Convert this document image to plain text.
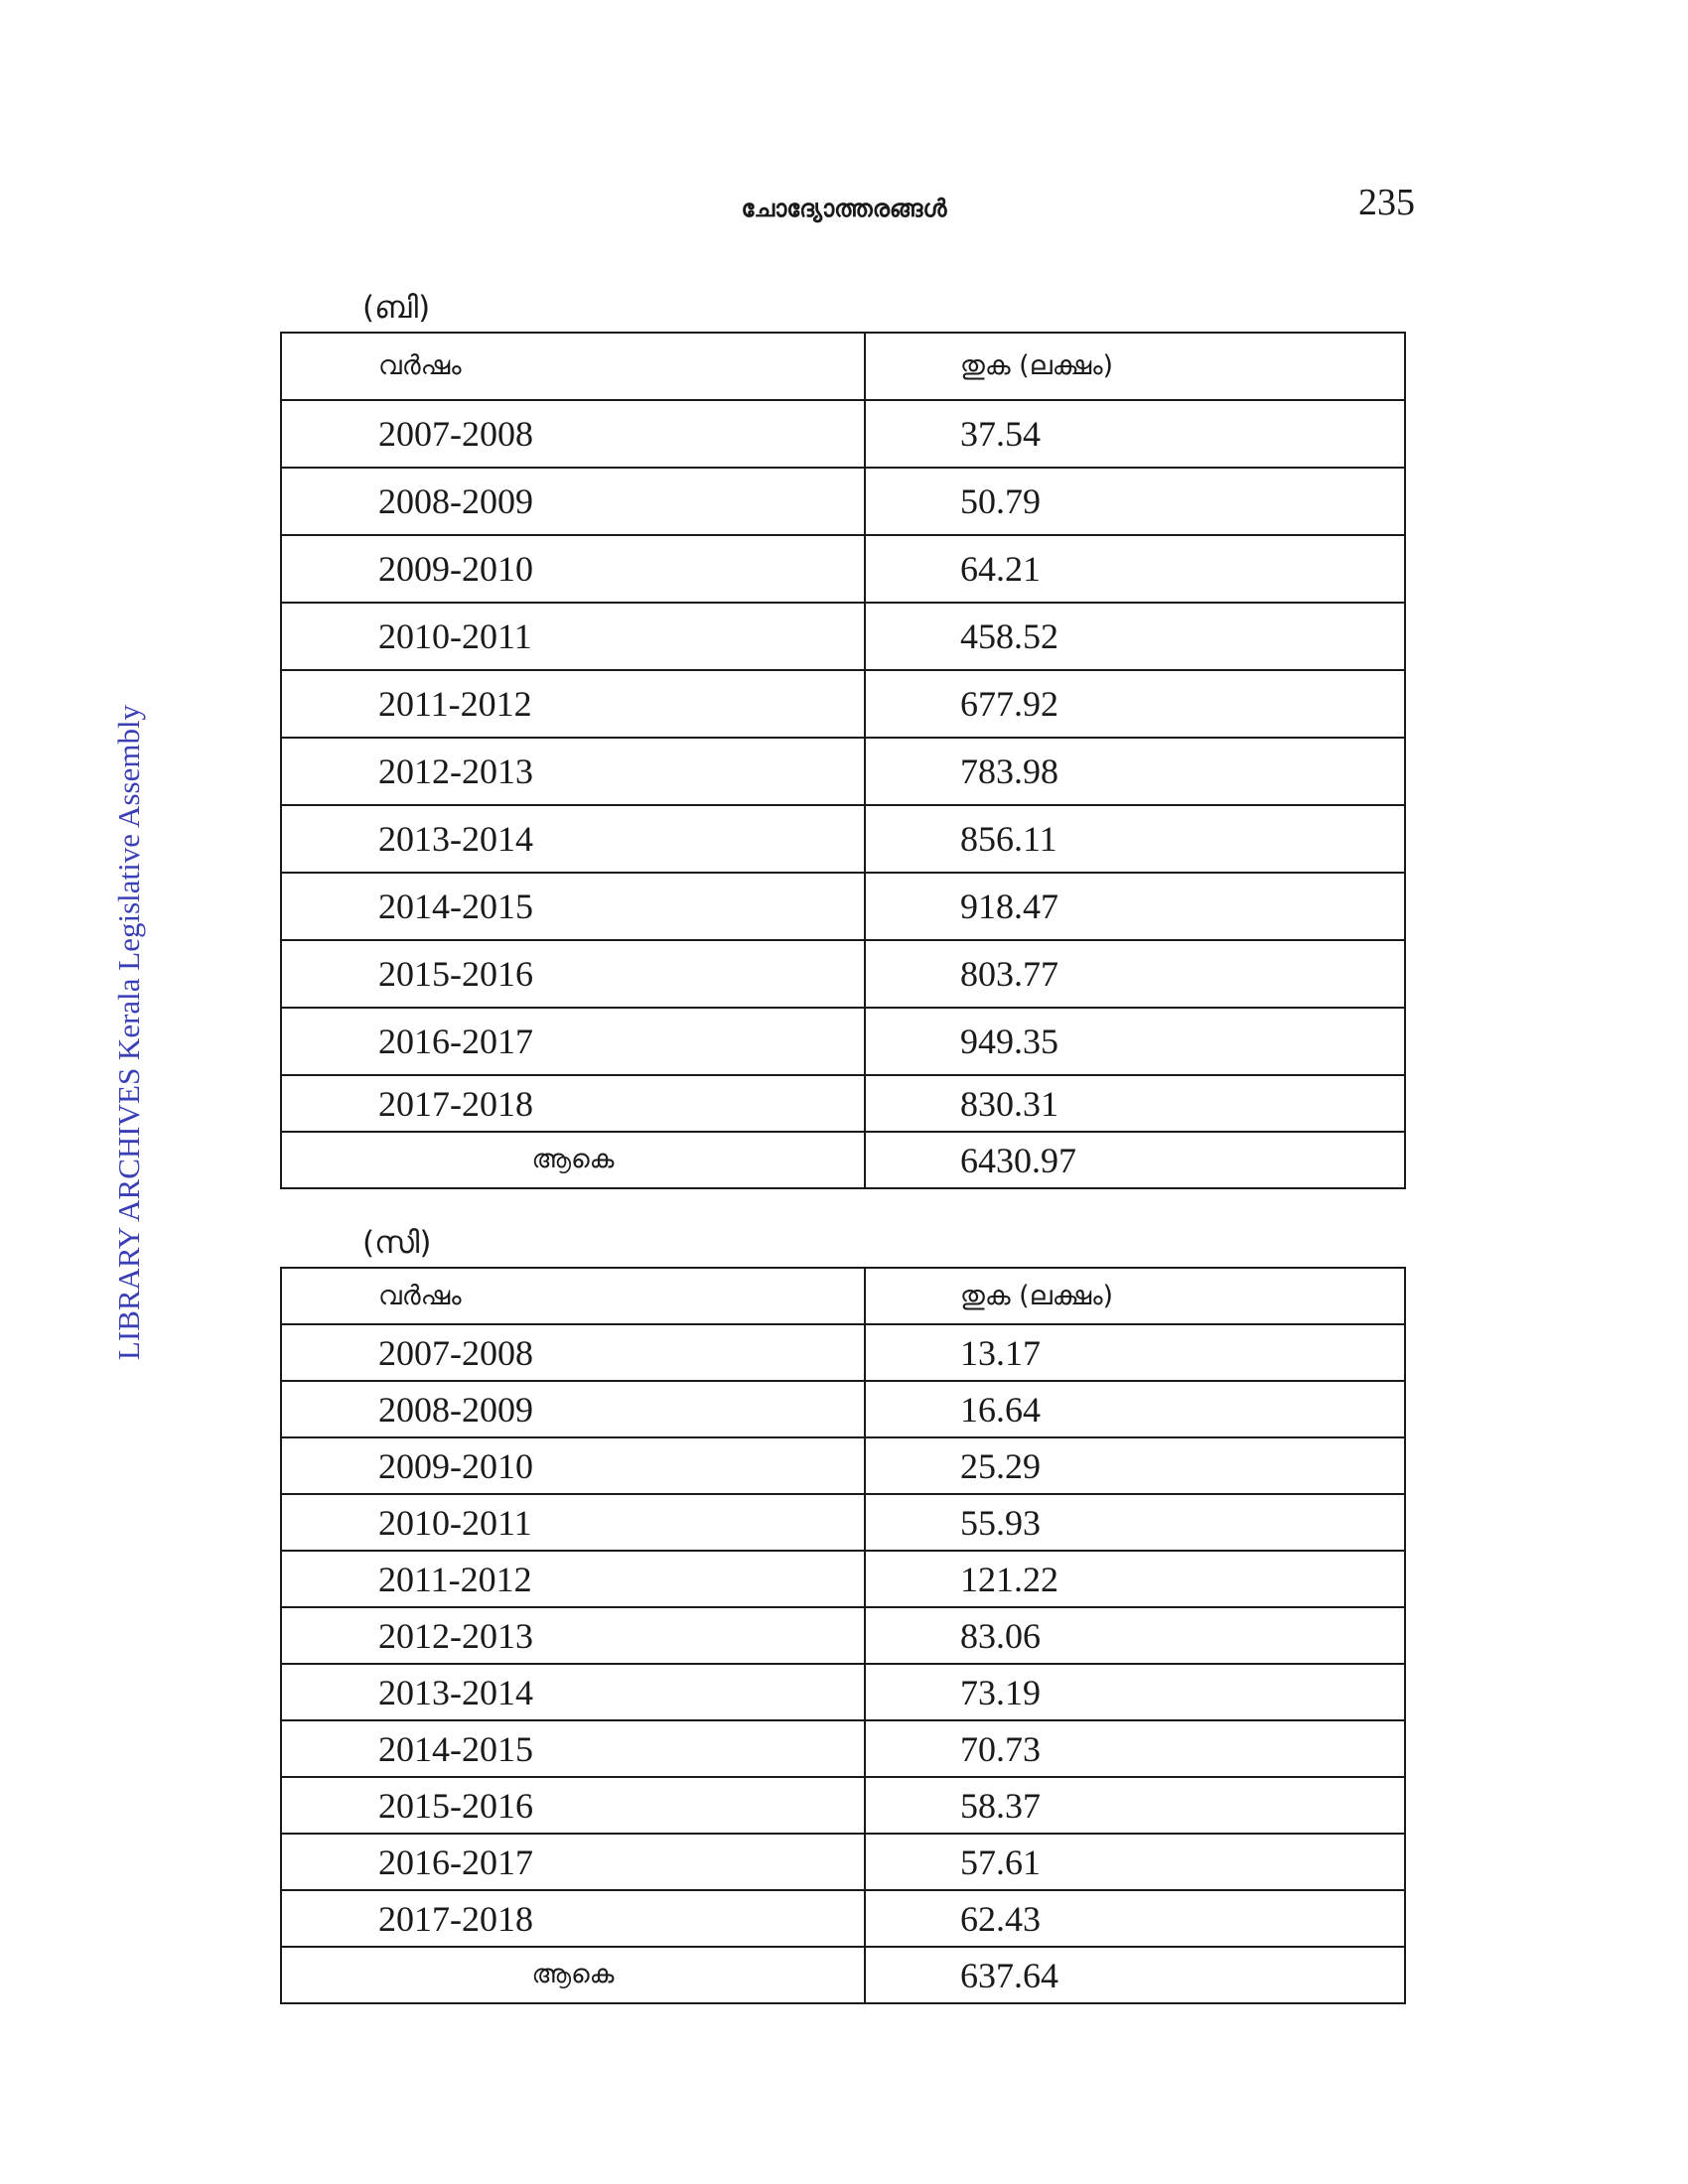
ചോദ്യോത്തരങ്ങൾ	235
LIBRARY ARCHIVES Kerala Legislative Assembly
(ബി)
വർഷം	തുക (ലക്ഷം)
2007-2008	37.54
2008-2009	50.79
2009-2010	64.21
2010-2011	458.52
2011-2012	677.92
2012-2013	783.98
2013-2014	856.11
2014-2015	918.47
2015-2016	803.77
2016-2017	949.35
2017-2018	830.31
ആകെ	6430.97
(സി)
വർഷം	തുക (ലക്ഷം)
2007-2008	13.17
2008-2009	16.64
2009-2010	25.29
2010-2011	55.93
2011-2012	121.22
2012-2013	83.06
2013-2014	73.19
2014-2015	70.73
2015-2016	58.37
2016-2017	57.61
2017-2018	62.43
ആകെ	637.64
